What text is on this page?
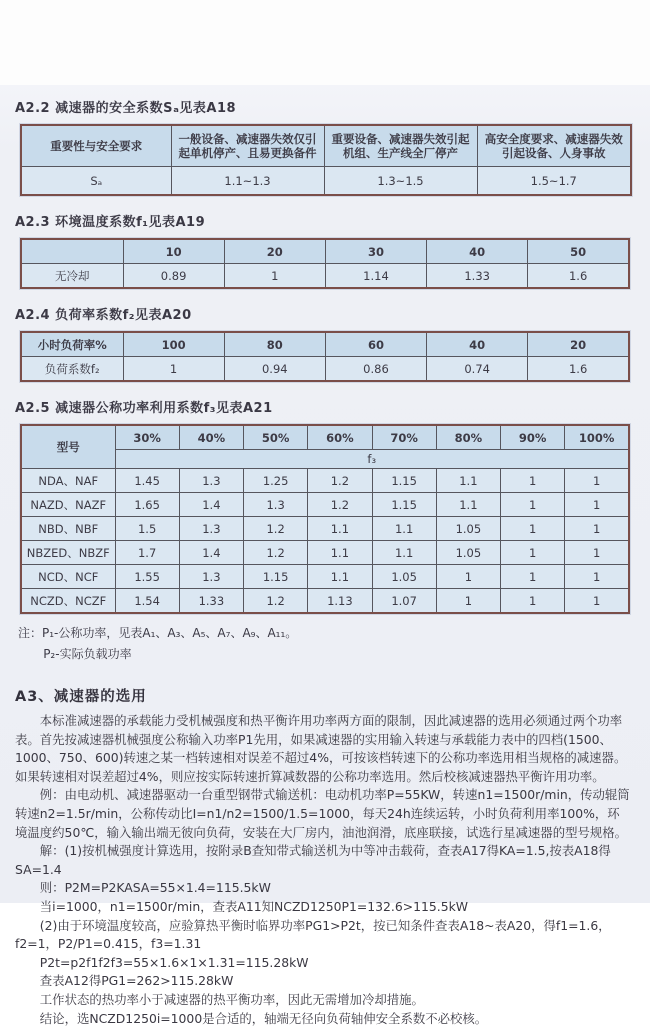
A2.2 减速器的安全系数Sₐ见表A18
重要性与安全要求	一般设备、减速器失效仅引起单机停产、且易更换备件	重要设备、减速器失效引起机组、生产线全厂停产	高安全度要求、减速器失效引起设备、人身事故
Sₐ	1.1~1.3	1.3~1.5	1.5~1.7
A2.3 环境温度系数f₁见表A19
	10	20	30	40	50
无冷却	0.89	1	1.14	1.33	1.6
A2.4 负荷率系数f₂见表A20
小时负荷率%	100	80	60	40	20
负荷系数f₂	1	0.94	0.86	0.74	1.6
A2.5 减速器公称功率利用系数f₃见表A21
型号	30%	40%	50%	60%	70%	80%	90%	100%
	f₃							
NDA、NAF	1.45	1.3	1.25	1.2	1.15	1.1	1	1
NAZD、NAZF	1.65	1.4	1.3	1.2	1.15	1.1	1	1
NBD、NBF	1.5	1.3	1.2	1.1	1.1	1.05	1	1
NBZED、NBZF	1.7	1.4	1.2	1.1	1.1	1.05	1	1
NCD、NCF	1.55	1.3	1.15	1.1	1.05	1	1	1
NCZD、NCZF	1.54	1.33	1.2	1.13	1.07	1	1	1
注：P₁-公称功率，见表A₁、A₃、A₅、A₇、A₉、A₁₁。
P₂-实际负载功率
A3、减速器的选用

本标准减速器的承载能力受机械强度和热平衡许用功率两方面的限制，因此减速器的选用必须通过两个功率表。首先按减速器机械强度公称输入功率P1先用，如果减速器的实用输入转速与承载能力表中的四档(1500、1000、750、600)转速之某一档转速相对误差不超过4%，可按该档转速下的公称功率选用相当规格的减速器。如果转速相对误差超过4%，则应按实际转速折算减数器的公称功率选用。然后校核减速器热平衡许用功率。

例：由电动机、减速器驱动一台重型钢带式输送机：电动机功率P=55KW，转速n1=1500r/min，传动辊筒转速n2=1.5r/min，公称传动比I=n1/n2=1500/1.5=1000，每天24h连续运转，小时负荷利用率100%，环境温度约50℃，输入输出端无彼向负荷，安装在大厂房内，油池润滑，底座联接，试选行星减速器的型号规格。

解：(1)按机械强度计算选用，按附录B查知带式输送机为中等冲击载荷，查表A17得KA=1.5,按表A18得SA=1.4

则：P2M=P2KASA=55×1.4=115.5kW

当i=1000，n1=1500r/min，查表A11知NCZD1250P1=132.6>115.5kW

(2)由于环境温度较高，应验算热平衡时临界功率PG1>P2t，按已知条件查表A18~表A20，得f1=1.6，f2=1，P2/P1=0.415，f3=1.31

P2t=p2f1f2f3=55×1.6×1×1.31=115.28kW

查表A12得PG1=262>115.28kW

工作状态的热功率小于减速器的热平衡功率，因此无需增加冷却措施。

结论，选NCZD1250i=1000是合适的，轴端无径向负荷轴伸安全系数不必校核。
